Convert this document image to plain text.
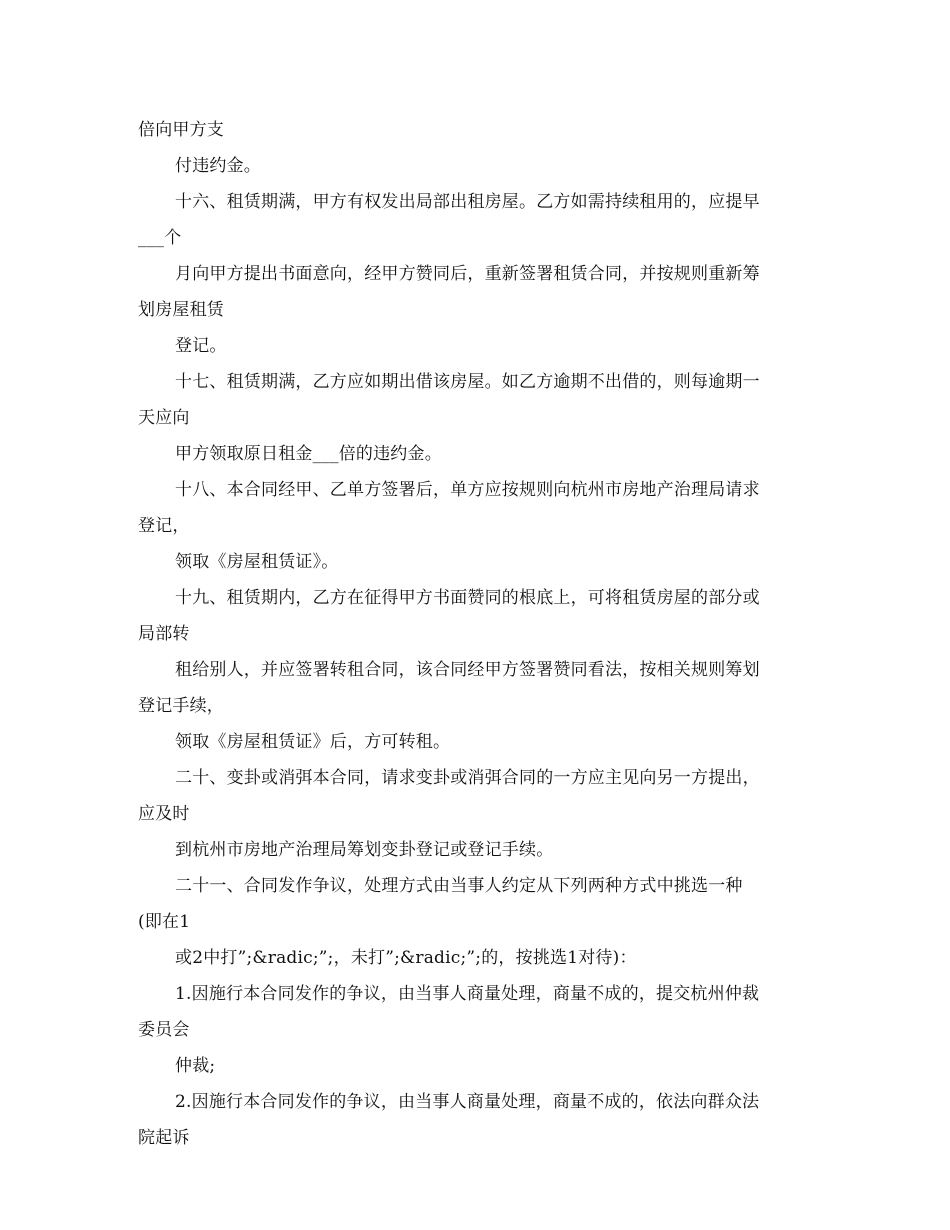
倍向甲方支
付违约金。
十六、租赁期满，甲方有权发出局部出租房屋。乙方如需持续租用的，应提早
___个
月向甲方提出书面意向，经甲方赞同后，重新签署租赁合同，并按规则重新筹
划房屋租赁
登记。
十七、租赁期满，乙方应如期出借该房屋。如乙方逾期不出借的，则每逾期一
天应向
甲方领取原日租金___倍的违约金。
十八、本合同经甲、乙单方签署后，单方应按规则向杭州市房地产治理局请求
登记，
领取《房屋租赁证》。
十九、租赁期内，乙方在征得甲方书面赞同的根底上，可将租赁房屋的部分或
局部转
租给别人，并应签署转租合同，该合同经甲方签署赞同看法，按相关规则筹划
登记手续，
领取《房屋租赁证》后，方可转租。
二十、变卦或消弭本合同，请求变卦或消弭合同的一方应主见向另一方提出，
应及时
到杭州市房地产治理局筹划变卦登记或登记手续。
二十一、合同发作争议，处理方式由当事人约定从下列两种方式中挑选一种
(即在1
或2中打”;&radic;”;，未打”;&radic;”;的，按挑选1对待)：
1.因施行本合同发作的争议，由当事人商量处理，商量不成的，提交杭州仲裁
委员会
仲裁;
2.因施行本合同发作的争议，由当事人商量处理，商量不成的，依法向群众法
院起诉
